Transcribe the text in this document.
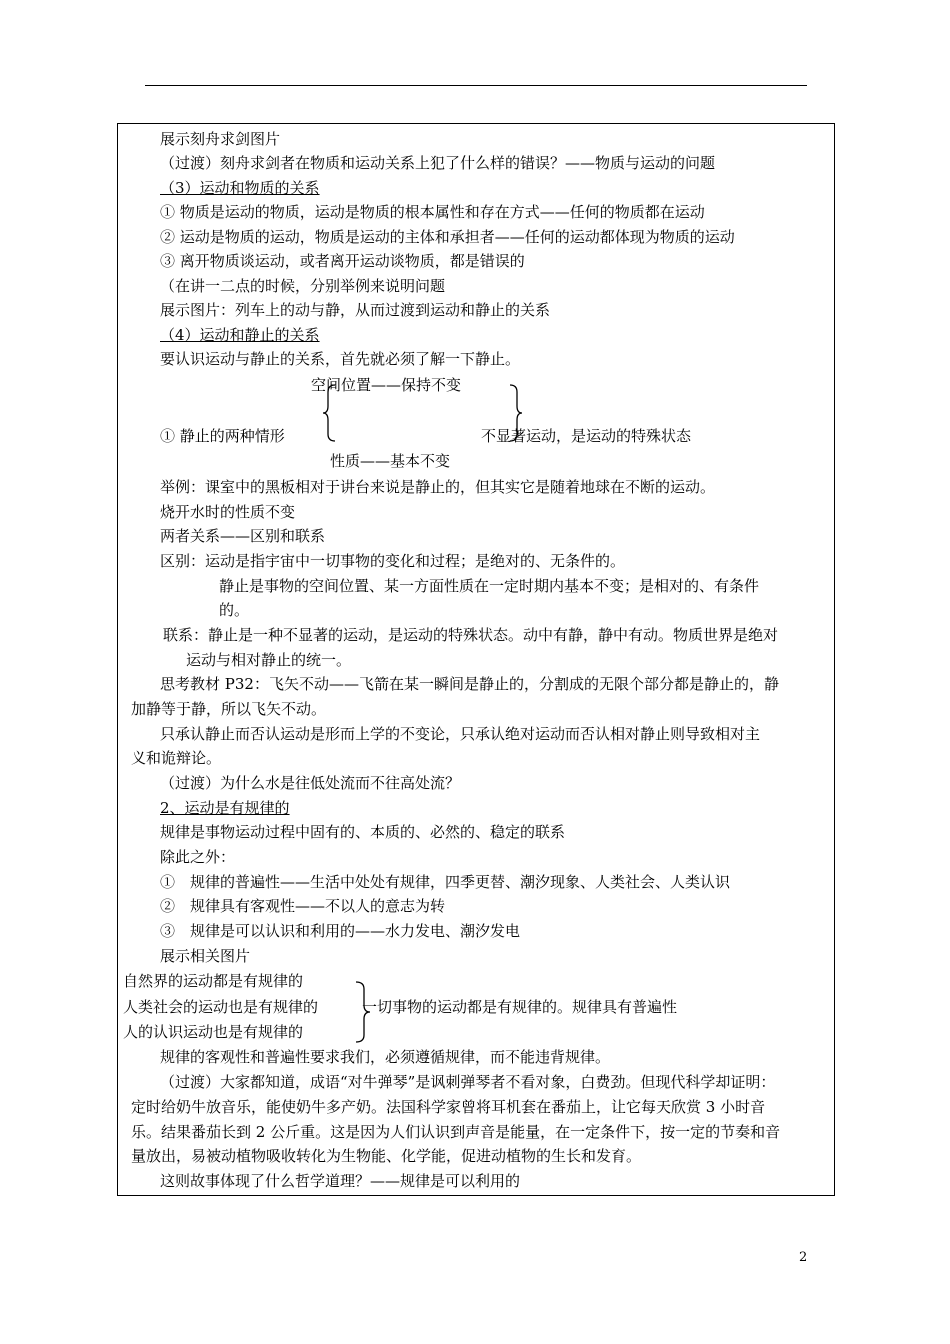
展示刻舟求剑图片
（过渡）刻舟求剑者在物质和运动关系上犯了什么样的错误？——物质与运动的问题
（3）运动和物质的关系
① 物质是运动的物质，运动是物质的根本属性和存在方式——任何的物质都在运动
② 运动是物质的运动，物质是运动的主体和承担者——任何的运动都体现为物质的运动
③ 离开物质谈运动，或者离开运动谈物质，都是错误的
（在讲一二点的时候，分别举例来说明问题
展示图片：列车上的动与静，从而过渡到运动和静止的关系
（4）运动和静止的关系
要认识运动与静止的关系，首先就必须了解一下静止。
空间位置——保持不变
① 静止的两种情形	不显著运动，是运动的特殊状态
性质——基本不变
举例：课室中的黑板相对于讲台来说是静止的，但其实它是随着地球在不断的运动。
烧开水时的性质不变
两者关系——区别和联系
区别：运动是指宇宙中一切事物的变化和过程；是绝对的、无条件的。
静止是事物的空间位置、某一方面性质在一定时期内基本不变；是相对的、有条件
的。
联系：静止是一种不显著的运动，是运动的特殊状态。动中有静，静中有动。物质世界是绝对
运动与相对静止的统一。
思考教材 P32：飞矢不动——飞箭在某一瞬间是静止的，分割成的无限个部分都是静止的，静
加静等于静，所以飞矢不动。
只承认静止而否认运动是形而上学的不变论，只承认绝对运动而否认相对静止则导致相对主
义和诡辩论。
（过渡）为什么水是往低处流而不往高处流？
2、运动是有规律的
规律是事物运动过程中固有的、本质的、必然的、稳定的联系
除此之外：
①　规律的普遍性——生活中处处有规律，四季更替、潮汐现象、人类社会、人类认识
②　规律具有客观性——不以人的意志为转
③　规律是可以认识和利用的——水力发电、潮汐发电
展示相关图片
自然界的运动都是有规律的
人类社会的运动也是有规律的
人的认识运动也是有规律的
一切事物的运动都是有规律的。规律具有普遍性
规律的客观性和普遍性要求我们，必须遵循规律，而不能违背规律。
（过渡）大家都知道，成语“对牛弹琴”是讽刺弹琴者不看对象，白费劲。但现代科学却证明：
定时给奶牛放音乐，能使奶牛多产奶。法国科学家曾将耳机套在番茄上，让它每天欣赏 3 小时音
乐。结果番茄长到 2 公斤重。这是因为人们认识到声音是能量，在一定条件下，按一定的节奏和音
量放出，易被动植物吸收转化为生物能、化学能，促进动植物的生长和发育。
这则故事体现了什么哲学道理？——规律是可以利用的
2
